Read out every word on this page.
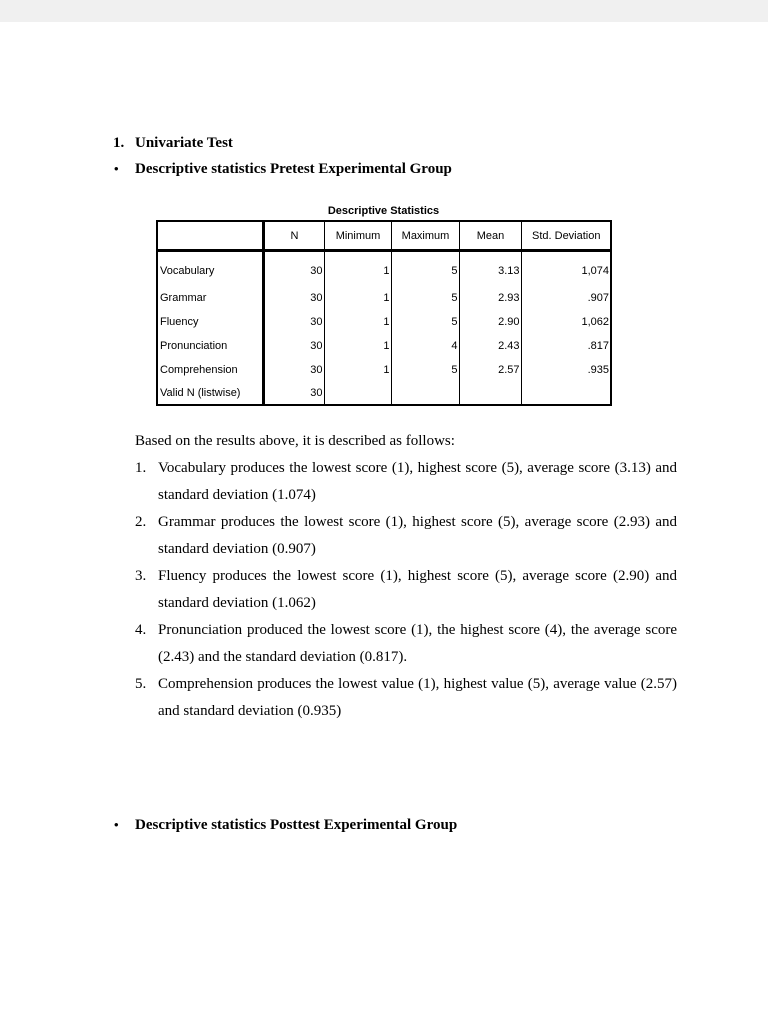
1. Univariate Test
• Descriptive statistics Pretest Experimental Group
Descriptive Statistics
	N	Minimum	Maximum	Mean	Std. Deviation
Vocabulary	30	1	5	3.13	1,074
Grammar	30	1	5	2.93	.907
Fluency	30	1	5	2.90	1,062
Pronunciation	30	1	4	2.43	.817
Comprehension	30	1	5	2.57	.935
Valid N (listwise)	30				
Based on the results above, it is described as follows:
1. Vocabulary produces the lowest score (1), highest score (5), average score (3.13) and standard deviation (1.074)
2. Grammar produces the lowest score (1), highest score (5), average score (2.93) and standard deviation (0.907)
3. Fluency produces the lowest score (1), highest score (5), average score (2.90) and standard deviation (1.062)
4. Pronunciation produced the lowest score (1), the highest score (4), the average score (2.43) and the standard deviation (0.817).
5. Comprehension produces the lowest value (1), highest value (5), average value (2.57) and standard deviation (0.935)
• Descriptive statistics Posttest Experimental Group
